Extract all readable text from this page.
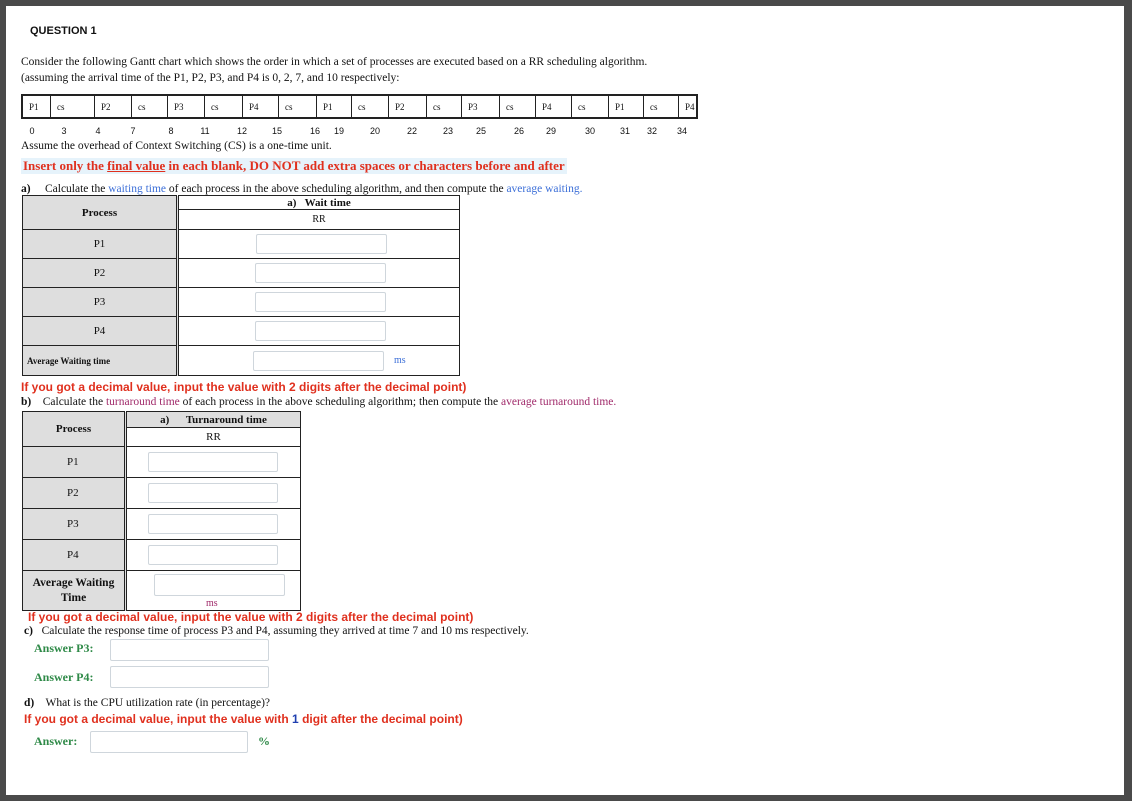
QUESTION 1
Consider the following Gantt chart which shows the order in which a set of processes are executed based on a RR scheduling algorithm.
(assuming the arrival time of the P1, P2, P3, and P4 is 0, 2, 7, and 10 respectively:
P1	cs	P2	cs	P3	cs	P4	cs	P1	cs	P2	cs	P3	cs	P4	cs	P1	cs	P4
0	3	4	7	8	11	12	15	16	19	20	22	23	25	26	29	30	31	32	34
Assume the overhead of Context Switching (CS) is a one-time unit.
Insert only the final value in each blank, DO NOT add extra spaces or characters before and after
a) Calculate the waiting time of each process in the above scheduling algorithm, and then compute the average waiting.
Process	a) Wait time
	RR
P1	

P2	

P3	

P4	

Average Waiting time	ms
If you got a decimal value, input the value with 2 digits after the decimal point)
b) Calculate the turnaround time of each process in the above scheduling algorithm; then compute the average turnaround time.
Process	a) Turnaround time
	RR
P1	

P2	

P3	

P4	

Average Waiting
Time	ms
If you got a decimal value, input the value with 2 digits after the decimal point)
c) Calculate the response time of process P3 and P4, assuming they arrived at time 7 and 10 ms respectively.
Answer P3:
Answer P4:
d) What is the CPU utilization rate (in percentage)?
If you got a decimal value, input the value with 1 digit after the decimal point)
Answer:	%
